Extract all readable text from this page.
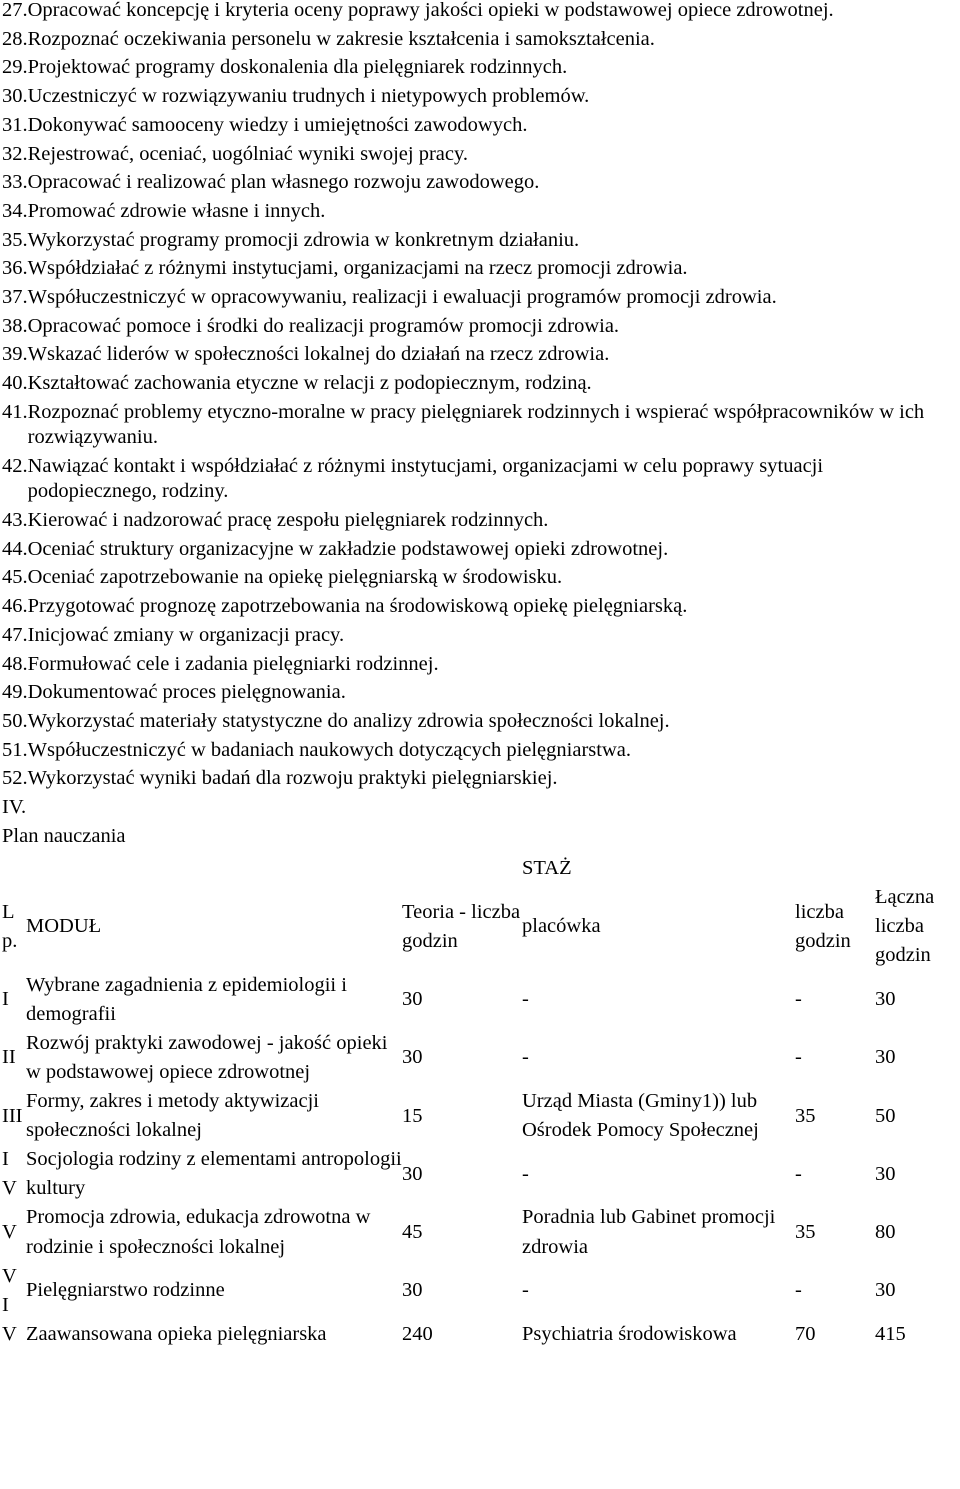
27. Opracować koncepcję i kryteria oceny poprawy jakości opieki w podstawowej opiece zdrowotnej.
28. Rozpoznać oczekiwania personelu w zakresie kształcenia i samokształcenia.
29. Projektować programy doskonalenia dla pielęgniarek rodzinnych.
30. Uczestniczyć w rozwiązywaniu trudnych i nietypowych problemów.
31. Dokonywać samooceny wiedzy i umiejętności zawodowych.
32. Rejestrować, oceniać, uogólniać wyniki swojej pracy.
33. Opracować i realizować plan własnego rozwoju zawodowego.
34. Promować zdrowie własne i innych.
35. Wykorzystać programy promocji zdrowia w konkretnym działaniu.
36. Współdziałać z różnymi instytucjami, organizacjami na rzecz promocji zdrowia.
37. Współuczestniczyć w opracowywaniu, realizacji i ewaluacji programów promocji zdrowia.
38. Opracować pomoce i środki do realizacji programów promocji zdrowia.
39. Wskazać liderów w społeczności lokalnej do działań na rzecz zdrowia.
40. Kształtować zachowania etyczne w relacji z podopiecznym, rodziną.
41. Rozpoznać problemy etyczno-moralne w pracy pielęgniarek rodzinnych i wspierać współpracowników w ich rozwiązywaniu.
42. Nawiązać kontakt i współdziałać z różnymi instytucjami, organizacjami w celu poprawy sytuacji podopiecznego, rodziny.
43. Kierować i nadzorować pracę zespołu pielęgniarek rodzinnych.
44. Oceniać struktury organizacyjne w zakładzie podstawowej opieki zdrowotnej.
45. Oceniać zapotrzebowanie na opiekę pielęgniarską w środowisku.
46. Przygotować prognozę zapotrzebowania na środowiskową opiekę pielęgniarską.
47. Inicjować zmiany w organizacji pracy.
48. Formułować cele i zadania pielęgniarki rodzinnej.
49. Dokumentować proces pielęgnowania.
50. Wykorzystać materiały statystyczne do analizy zdrowia społeczności lokalnej.
51. Współuczestniczyć w badaniach naukowych dotyczących pielęgniarstwa.
52. Wykorzystać wyniki badań dla rozwoju praktyki pielęgniarskiej.
IV.
Plan nauczania
			STAŻ		
L p.	MODUŁ	Teoria - liczba godzin	placówka	liczba godzin	Łączna liczba godzin
I	Wybrane zagadnienia z epidemiologii i demografii	30	-	-	30
II	Rozwój praktyki zawodowej - jakość opieki w podstawowej opiece zdrowotnej	30	-	-	30
III	Formy, zakres i metody aktywizacji społeczności lokalnej	15	Urząd Miasta (Gminy1)) lub Ośrodek Pomocy Społecznej	35	50
I V	Socjologia rodziny z elementami antropologii kultury	30	-	-	30
V	Promocja zdrowia, edukacja zdrowotna w rodzinie i społeczności lokalnej	45	Poradnia lub Gabinet promocji zdrowia	35	80
V I	Pielęgniarstwo rodzinne	30	-	-	30
V	Zaawansowana opieka pielęgniarska	240	Psychiatria środowiskowa	70	415
